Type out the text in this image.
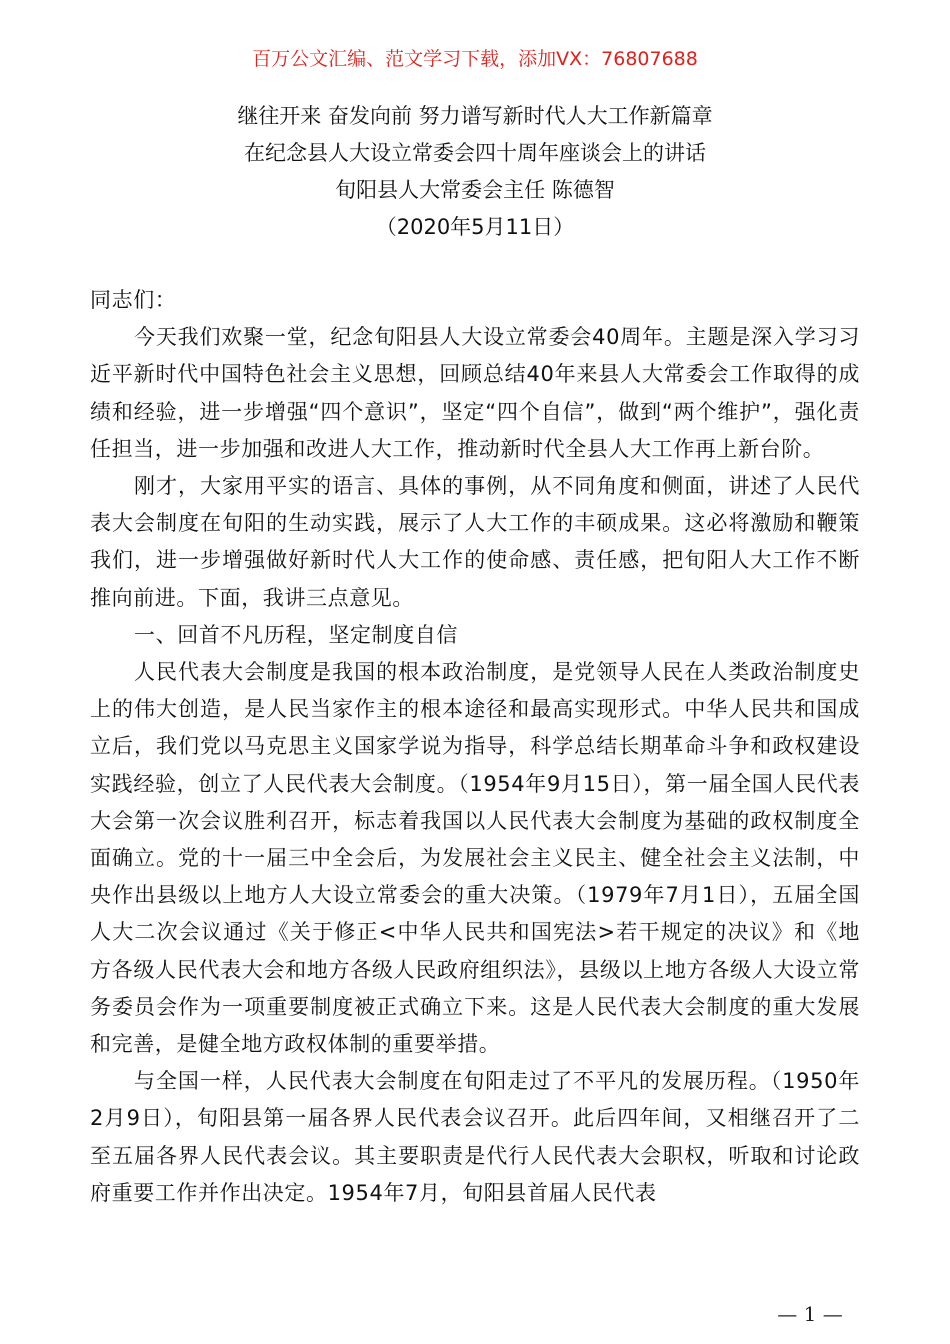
百万公文汇编、范文学习下载，添加VX：76807688
继往开来 奋发向前 努力谱写新时代人大工作新篇章
在纪念县人大设立常委会四十周年座谈会上的讲话
旬阳县人大常委会主任 陈德智
（2020年5月11日）

同志们：

今天我们欢聚一堂，纪念旬阳县人大设立常委会40周年。主题是深入学习习近平新时代中国特色社会主义思想，回顾总结40年来县人大常委会工作取得的成绩和经验，进一步增强“四个意识”，坚定“四个自信”，做到“两个维护”，强化责任担当，进一步加强和改进人大工作，推动新时代全县人大工作再上新台阶。

刚才，大家用平实的语言、具体的事例，从不同角度和侧面，讲述了人民代表大会制度在旬阳的生动实践，展示了人大工作的丰硕成果。这必将激励和鞭策我们，进一步增强做好新时代人大工作的使命感、责任感，把旬阳人大工作不断推向前进。下面，我讲三点意见。

一、回首不凡历程，坚定制度自信

人民代表大会制度是我国的根本政治制度，是党领导人民在人类政治制度史上的伟大创造，是人民当家作主的根本途径和最高实现形式。中华人民共和国成立后，我们党以马克思主义国家学说为指导，科学总结长期革命斗争和政权建设实践经验，创立了人民代表大会制度。（1954年9月15日），第一届全国人民代表大会第一次会议胜利召开，标志着我国以人民代表大会制度为基础的政权制度全面确立。党的十一届三中全会后，为发展社会主义民主、健全社会主义法制，中央作出县级以上地方人大设立常委会的重大决策。（1979年7月1日），五届全国人大二次会议通过《关于修正<中华人民共和国宪法>若干规定的决议》和《地方各级人民代表大会和地方各级人民政府组织法》，县级以上地方各级人大设立常务委员会作为一项重要制度被正式确立下来。这是人民代表大会制度的重大发展和完善，是健全地方政权体制的重要举措。

与全国一样，人民代表大会制度在旬阳走过了不平凡的发展历程。（1950年2月9日），旬阳县第一届各界人民代表会议召开。此后四年间，又相继召开了二至五届各界人民代表会议。其主要职责是代行人民代表大会职权，听取和讨论政府重要工作并作出决定。1954年7月，旬阳县首届人民代表

— 1 —
